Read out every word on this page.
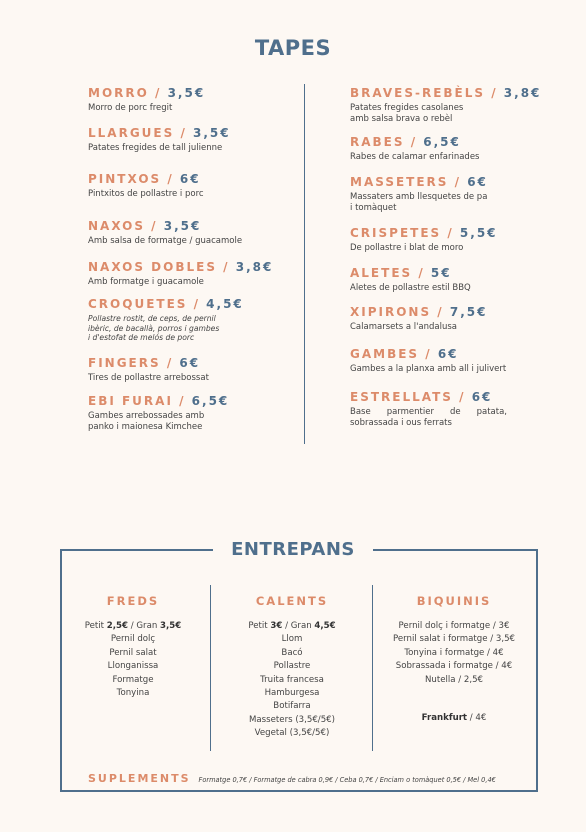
TAPES
MORRO / 3,5€
Morro de porc fregit
LLARGUES / 3,5€
Patates fregides de tall julienne
PINTXOS / 6€
Pintxitos de pollastre i porc
NAXOS / 3,5€
Amb salsa de formatge / guacamole
NAXOS DOBLES / 3,8€
Amb formatge i guacamole
CROQUETES / 4,5€
Pollastre rostit, de ceps, de pernil
ibèric, de bacallà, porros i gambes
i d'estofat de melós de porc
FINGERS / 6€
Tires de pollastre arrebossat
EBI FURAI / 6,5€
Gambes arrebossades amb
panko i maionesa Kimchee
BRAVES-REBÈLS / 3,8€
Patates fregides casolanes
amb salsa brava o rebèl
RABES / 6,5€
Rabes de calamar enfarinades
MASSETERS / 6€
Massaters amb llesquetes de pa
i tomàquet
CRISPETES / 5,5€
De pollastre i blat de moro
ALETES / 5€
Aletes de pollastre estil BBQ
XIPIRONS / 7,5€
Calamarsets a l'andalusa
GAMBES / 6€
Gambes a la planxa amb all i julivert
ESTRELLATS / 6€
Base parmentier de patata,
sobrassada i ous ferrats
ENTREPANS
FREDS
Petit 2,5€ / Gran 3,5€
Pernil dolç
Pernil salat
Llonganissa
Formatge
Tonyina
CALENTS
Petit 3€ / Gran 4,5€
Llom
Bacó
Pollastre
Truita francesa
Hamburgesa
Botifarra
Masseters (3,5€/5€)
Vegetal (3,5€/5€)
BIQUINIS
Pernil dolç i formatge / 3€
Pernil salat i formatge / 3,5€
Tonyina i formatge / 4€
Sobrassada i formatge / 4€
Nutella / 2,5€
Frankfurt / 4€
SUPLEMENTS Formatge 0,7€ / Formatge de cabra 0,9€ / Ceba 0,7€ / Enciam o tomàquet 0,5€ / Mel 0,4€
